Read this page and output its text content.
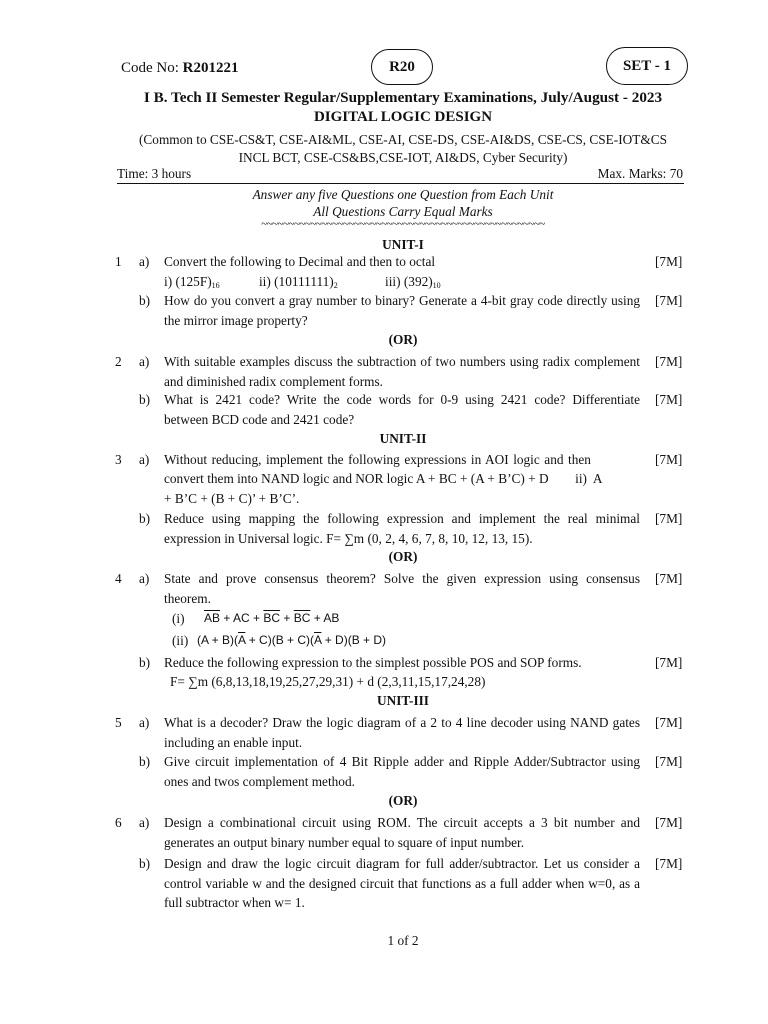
Code No: R201221	R20	SET - 1
I B. Tech II Semester Regular/Supplementary Examinations, July/August - 2023
DIGITAL LOGIC DESIGN
(Common to CSE-CS&T, CSE-AI&ML, CSE-AI, CSE-DS, CSE-AI&DS, CSE-CS, CSE-IOT&CS
INCL BCT, CSE-CS&BS,CSE-IOT, AI&DS, Cyber Security)
Time: 3 hours	Max. Marks: 70
Answer any five Questions one Question from Each Unit
All Questions Carry Equal Marks
~~~~~~~~~~~~~~~~~~~~~~~~~~~~~~~~~~~~~~~~~~~~~~~~~~~~
UNIT-I
1 a) Convert the following to Decimal and then to octal	[7M]
i) $(125F)_{16}$	ii) $(10111111)_2$	iii) $(392)_{10}$
b) How do you convert a gray number to binary? Generate a 4-bit gray code directly using the mirror image property?
[7M]
(OR)
2 a) With suitable examples discuss the subtraction of two numbers using radix complement and diminished radix complement forms.
[7M]
b) What is 2421 code? Write the code words for 0-9 using 2421 code? Differentiate between BCD code and 2421 code?
[7M]
UNIT-II
3 a) Without reducing, implement the following expressions in AOI logic and then
convert them into NAND logic and NOR logic A + BC + (A + B’C) + D        ii)  A
+ B’C + (B + C)’ + B’C’.
[7M]
b) Reduce using mapping the following expression and implement the real minimal expression in Universal logic. F= ∑m (0, 2, 4, 6, 7, 8, 10, 12, 13, 15).
[7M]
(OR)
4 a) State and prove consensus theorem? Solve the given expression using consensus theorem.
[7M]
(i) $\overline{AB}$ + AC + $\overline{BC} + \overline{BC}$ + AB
(ii) $(A + B)(\overline{A} + C)(B + C)(\overline{A} + D)(B + D)$
b) Reduce the following expression to the simplest possible POS and SOP forms.
F= ∑m (6,8,13,18,19,25,27,29,31) + d (2,3,11,15,17,24,28)
[7M]
UNIT-III
5 a) What is a decoder? Draw the logic diagram of a 2 to 4 line decoder using NAND gates including an enable input.
[7M]
b) Give circuit implementation of 4 Bit Ripple adder and Ripple Adder/Subtractor using ones and twos complement method.
[7M]
(OR)
6 a) Design a combinational circuit using ROM. The circuit accepts a 3 bit number and generates an output binary number equal to square of input number.
[7M]
b) Design and draw the logic circuit diagram for full adder/subtractor. Let us consider a control variable w and the designed circuit that functions as a full adder when w=0, as a full subtractor when w= 1.
[7M]
1 of 2
